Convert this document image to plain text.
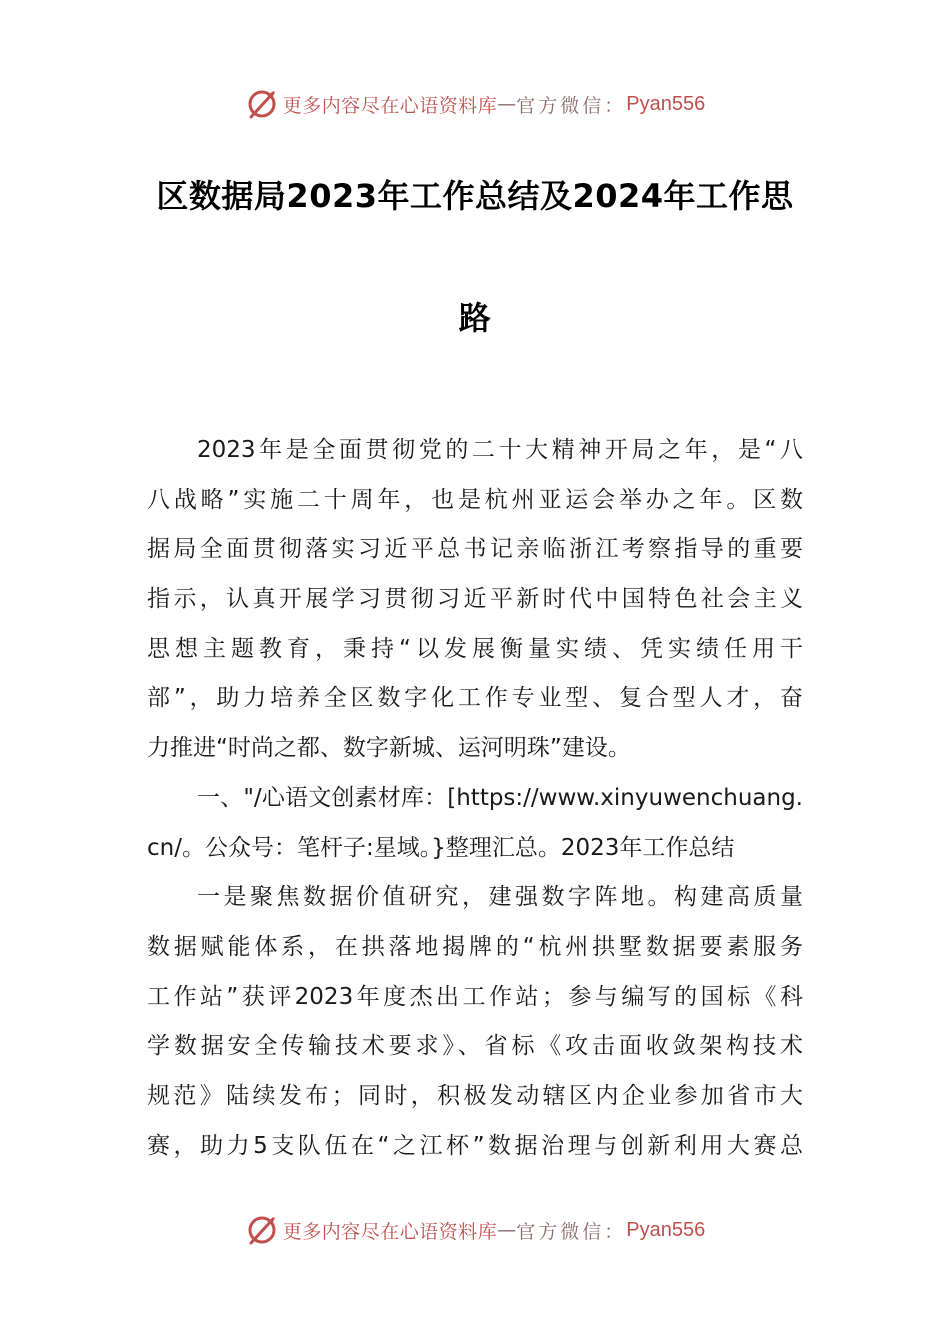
更多内容尽在心语资料库 — 官方微信： Pyan556
区数据局2023年工作总结及2024年工作思
路
2023年是全面贯彻党的二十大精神开局之年，是“八
八战略”实施二十周年，也是杭州亚运会举办之年。区数
据局全面贯彻落实习近平总书记亲临浙江考察指导的重要
指示，认真开展学习贯彻习近平新时代中国特色社会主义
思想主题教育，秉持“以发展衡量实绩、凭实绩任用干
部”，助力培养全区数字化工作专业型、复合型人才，奋
力推进“时尚之都、数字新城、运河明珠”建设。
一、"/心语文创素材库：[https://www.xinyuwenchuang.
cn/。公众号：笔杆子:星域。}整理汇总。2023年工作总结
一是聚焦数据价值研究，建强数字阵地。构建高质量
数据赋能体系，在拱落地揭牌的“杭州拱墅数据要素服务
工作站”获评2023年度杰出工作站；参与编写的国标《科
学数据安全传输技术要求》、省标《攻击面收敛架构技术
规范》陆续发布；同时，积极发动辖区内企业参加省市大
赛，助力5支队伍在“之江杯”数据治理与创新利用大赛总
更多内容尽在心语资料库 — 官方微信： Pyan556
